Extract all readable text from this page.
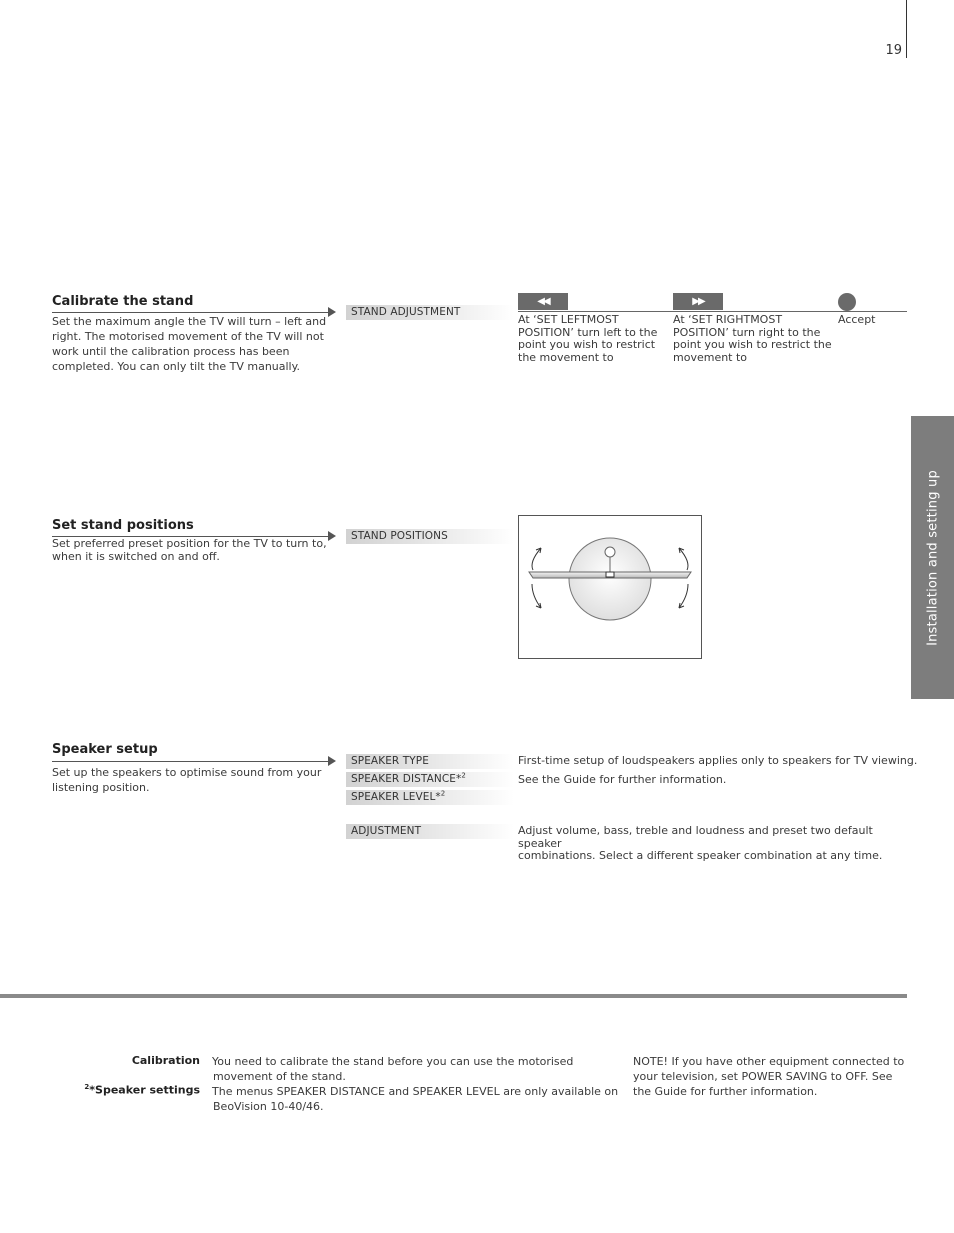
19
Installation and setting up
Calibrate the stand
Set the maximum angle the TV will turn – left and
right. The motorised movement of the TV will not
work until the calibration process has been
completed. You can only tilt the TV manually.
STAND ADJUSTMENT
◀◀	▶▶
At ‘SET LEFTMOST
POSITION’ turn left to the
point you wish to restrict
the movement to
At ‘SET RIGHTMOST
POSITION’ turn right to the
point you wish to restrict the
movement to
Accept
Set stand positions
Set preferred preset position for the TV to turn to,
when it is switched on and off.
STAND POSITIONS
Speaker setup
Set up the speakers to optimise sound from your
listening position.
SPEAKER TYPE
SPEAKER DISTANCE*$^2$
SPEAKER LEVEL*$^2$
ADJUSTMENT
First-time setup of loudspeakers applies only to speakers for TV viewing.
See the Guide for further information.
Adjust volume, bass, treble and loudness and preset two default speaker
combinations. Select a different speaker combination at any time.
Calibration You need to calibrate the stand before you can use the motorised
movement of the stand.
$^2$*Speaker settings The menus SPEAKER DISTANCE and SPEAKER LEVEL are only available on
BeoVision 10-40/46.
NOTE! If you have other equipment connected to
your television, set POWER SAVING to OFF. See
the Guide for further information.
